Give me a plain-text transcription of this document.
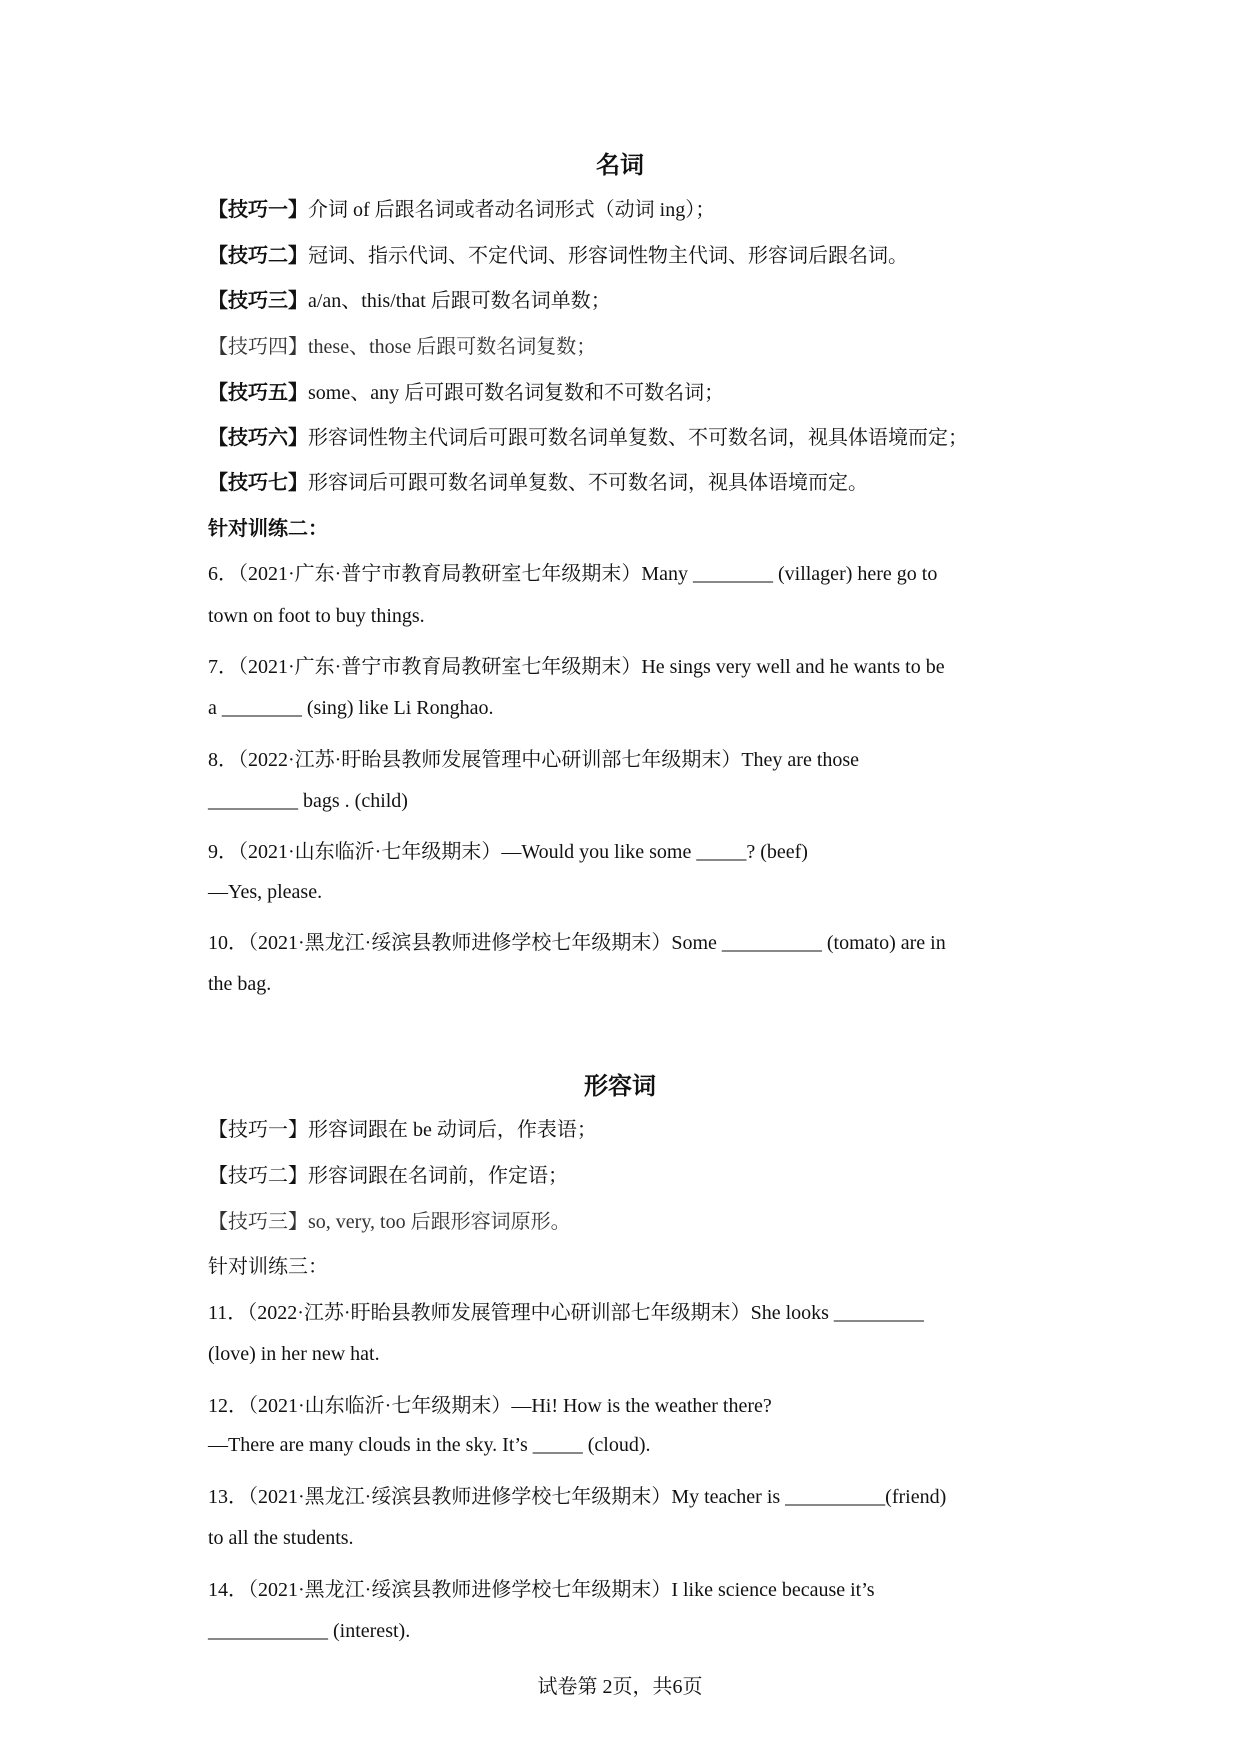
名词
【技巧一】介词 of 后跟名词或者动名词形式（动词 ing）；
【技巧二】冠词、指示代词、不定代词、形容词性物主代词、形容词后跟名词。
【技巧三】a/an、this/that 后跟可数名词单数；
【技巧四】these、those 后跟可数名词复数；
【技巧五】some、any 后可跟可数名词复数和不可数名词；
【技巧六】形容词性物主代词后可跟可数名词单复数、不可数名词，视具体语境而定；
【技巧七】形容词后可跟可数名词单复数、不可数名词，视具体语境而定。
针对训练二：
6．（2021·广东·普宁市教育局教研室七年级期末）Many ________ (villager) here go to
town on foot to buy things.
7．（2021·广东·普宁市教育局教研室七年级期末）He sings very well and he wants to be
a ________ (sing) like Li Ronghao.
8．（2022·江苏·盱眙县教师发展管理中心研训部七年级期末）They are those
_________ bags . (child)
9．（2021·山东临沂·七年级期末）—Would you like some _____? (beef)
—Yes, please.
10．（2021·黑龙江·绥滨县教师进修学校七年级期末）Some __________ (tomato) are in
the bag.
形容词
【技巧一】形容词跟在 be 动词后，作表语；
【技巧二】形容词跟在名词前，作定语；
【技巧三】so, very, too 后跟形容词原形。
针对训练三：
11．（2022·江苏·盱眙县教师发展管理中心研训部七年级期末）She looks _________
(love) in her new hat.
12．（2021·山东临沂·七年级期末）—Hi! How is the weather there?
—There are many clouds in the sky. It’s _____ (cloud).
13．（2021·黑龙江·绥滨县教师进修学校七年级期末）My teacher is __________(friend)
to all the students.
14．（2021·黑龙江·绥滨县教师进修学校七年级期末）I like science because it’s
____________ (interest).
试卷第 2页，共6页
